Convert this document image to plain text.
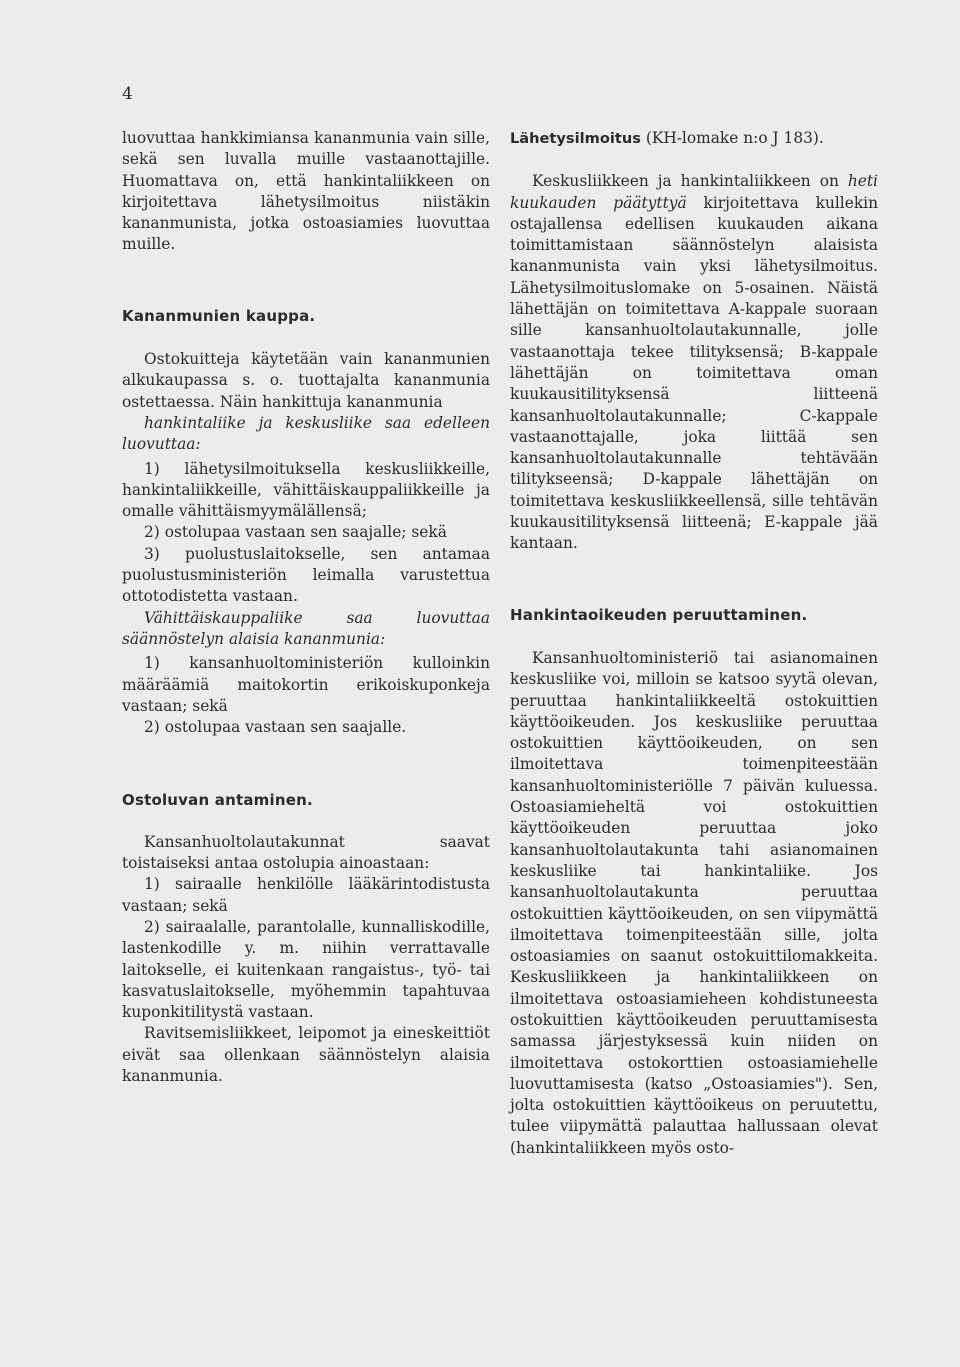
4

luovuttaa hankkimiansa kananmunia vain sille, sekä sen luvalla muille vastaanottajille. Huomattava on, että hankintaliikkeen on kirjoitettava lähetysilmoitus niistäkin kananmunista, jotka ostoasiamies luovuttaa muille.

Kananmunien kauppa.

Ostokuitteja käytetään vain kananmunien alkukaupassa s. o. tuottajalta kananmunia ostettaessa. Näin hankittuja kananmunia

hankintaliike ja keskusliike saa edelleen luovuttaa:

1) lähetysilmoituksella keskusliikkeille, hankintaliikkeille, vähittäiskauppaliikkeille ja omalle vähittäismyymälällensä;

2) ostolupaa vastaan sen saajalle; sekä

3) puolustuslaitokselle, sen antamaa puolustusministeriön leimalla varustettua ottotodistetta vastaan.

Vähittäiskauppaliike saa luovuttaa säännöstelyn alaisia kananmunia:

1) kansanhuoltoministeriön kulloinkin määräämiä maitokortin erikoiskuponkeja vastaan; sekä

2) ostolupaa vastaan sen saajalle.

Ostoluvan antaminen.

Kansanhuoltolautakunnat saavat toistaiseksi antaa ostolupia ainoastaan:

1) sairaalle henkilölle lääkärintodistusta vastaan; sekä

2) sairaalalle, parantolalle, kunnalliskodille, lastenkodille y. m. niihin verrattavalle laitokselle, ei kuitenkaan rangaistus-, työ- tai kasvatuslaitokselle, myöhemmin tapahtuvaa kuponkitilitystä vastaan.

Ravitsemisliikkeet, leipomot ja eineskeittiöt eivät saa ollenkaan säännöstelyn alaisia kananmunia.

Lähetysilmoitus (KH-lomake n:o J 183).

Keskusliikkeen ja hankintaliikkeen on heti kuukauden päätyttyä kirjoitettava kullekin ostajallensa edellisen kuukauden aikana toimittamistaan säännöstelyn alaisista kananmunista vain yksi lähetysilmoitus. Lähetysilmoituslomake on 5-osainen. Näistä lähettäjän on toimitettava A-kappale suoraan sille kansanhuoltolautakunnalle, jolle vastaanottaja tekee tilityksensä; B-kappale lähettäjän on toimitettava oman kuukausitilityksensä liitteenä kansanhuoltolautakunnalle; C-kappale vastaanottajalle, joka liittää sen kansanhuoltolautakunnalle tehtävään tilitykseensä; D-kappale lähettäjän on toimitettava keskusliikkeellensä, sille tehtävän kuukausitilityksensä liitteenä; E-kappale jää kantaan.

Hankintaoikeuden peruuttaminen.

Kansanhuoltoministeriö tai asianomainen keskusliike voi, milloin se katsoo syytä olevan, peruuttaa hankintaliikkeeltä ostokuittien käyttöoikeuden. Jos keskusliike peruuttaa ostokuittien käyttöoikeuden, on sen ilmoitettava toimenpiteestään kansanhuoltoministeriölle 7 päivän kuluessa. Ostoasiamieheltä voi ostokuittien käyttöoikeuden peruuttaa joko kansanhuoltolautakunta tahi asianomainen keskusliike tai hankintaliike. Jos kansanhuoltolautakunta peruuttaa ostokuittien käyttöoikeuden, on sen viipymättä ilmoitettava toimenpiteestään sille, jolta ostoasiamies on saanut ostokuittilomakkeita. Keskusliikkeen ja hankintaliikkeen on ilmoitettava ostoasiamieheen kohdistuneesta ostokuittien käyttöoikeuden peruuttamisesta samassa järjestyksessä kuin niiden on ilmoitettava ostokorttien ostoasiamiehelle luovuttamisesta (katso „Ostoasiamies"). Sen, jolta ostokuittien käyttöoikeus on peruutettu, tulee viipymättä palauttaa hallussaan olevat (hankintaliikkeen myös osto-
